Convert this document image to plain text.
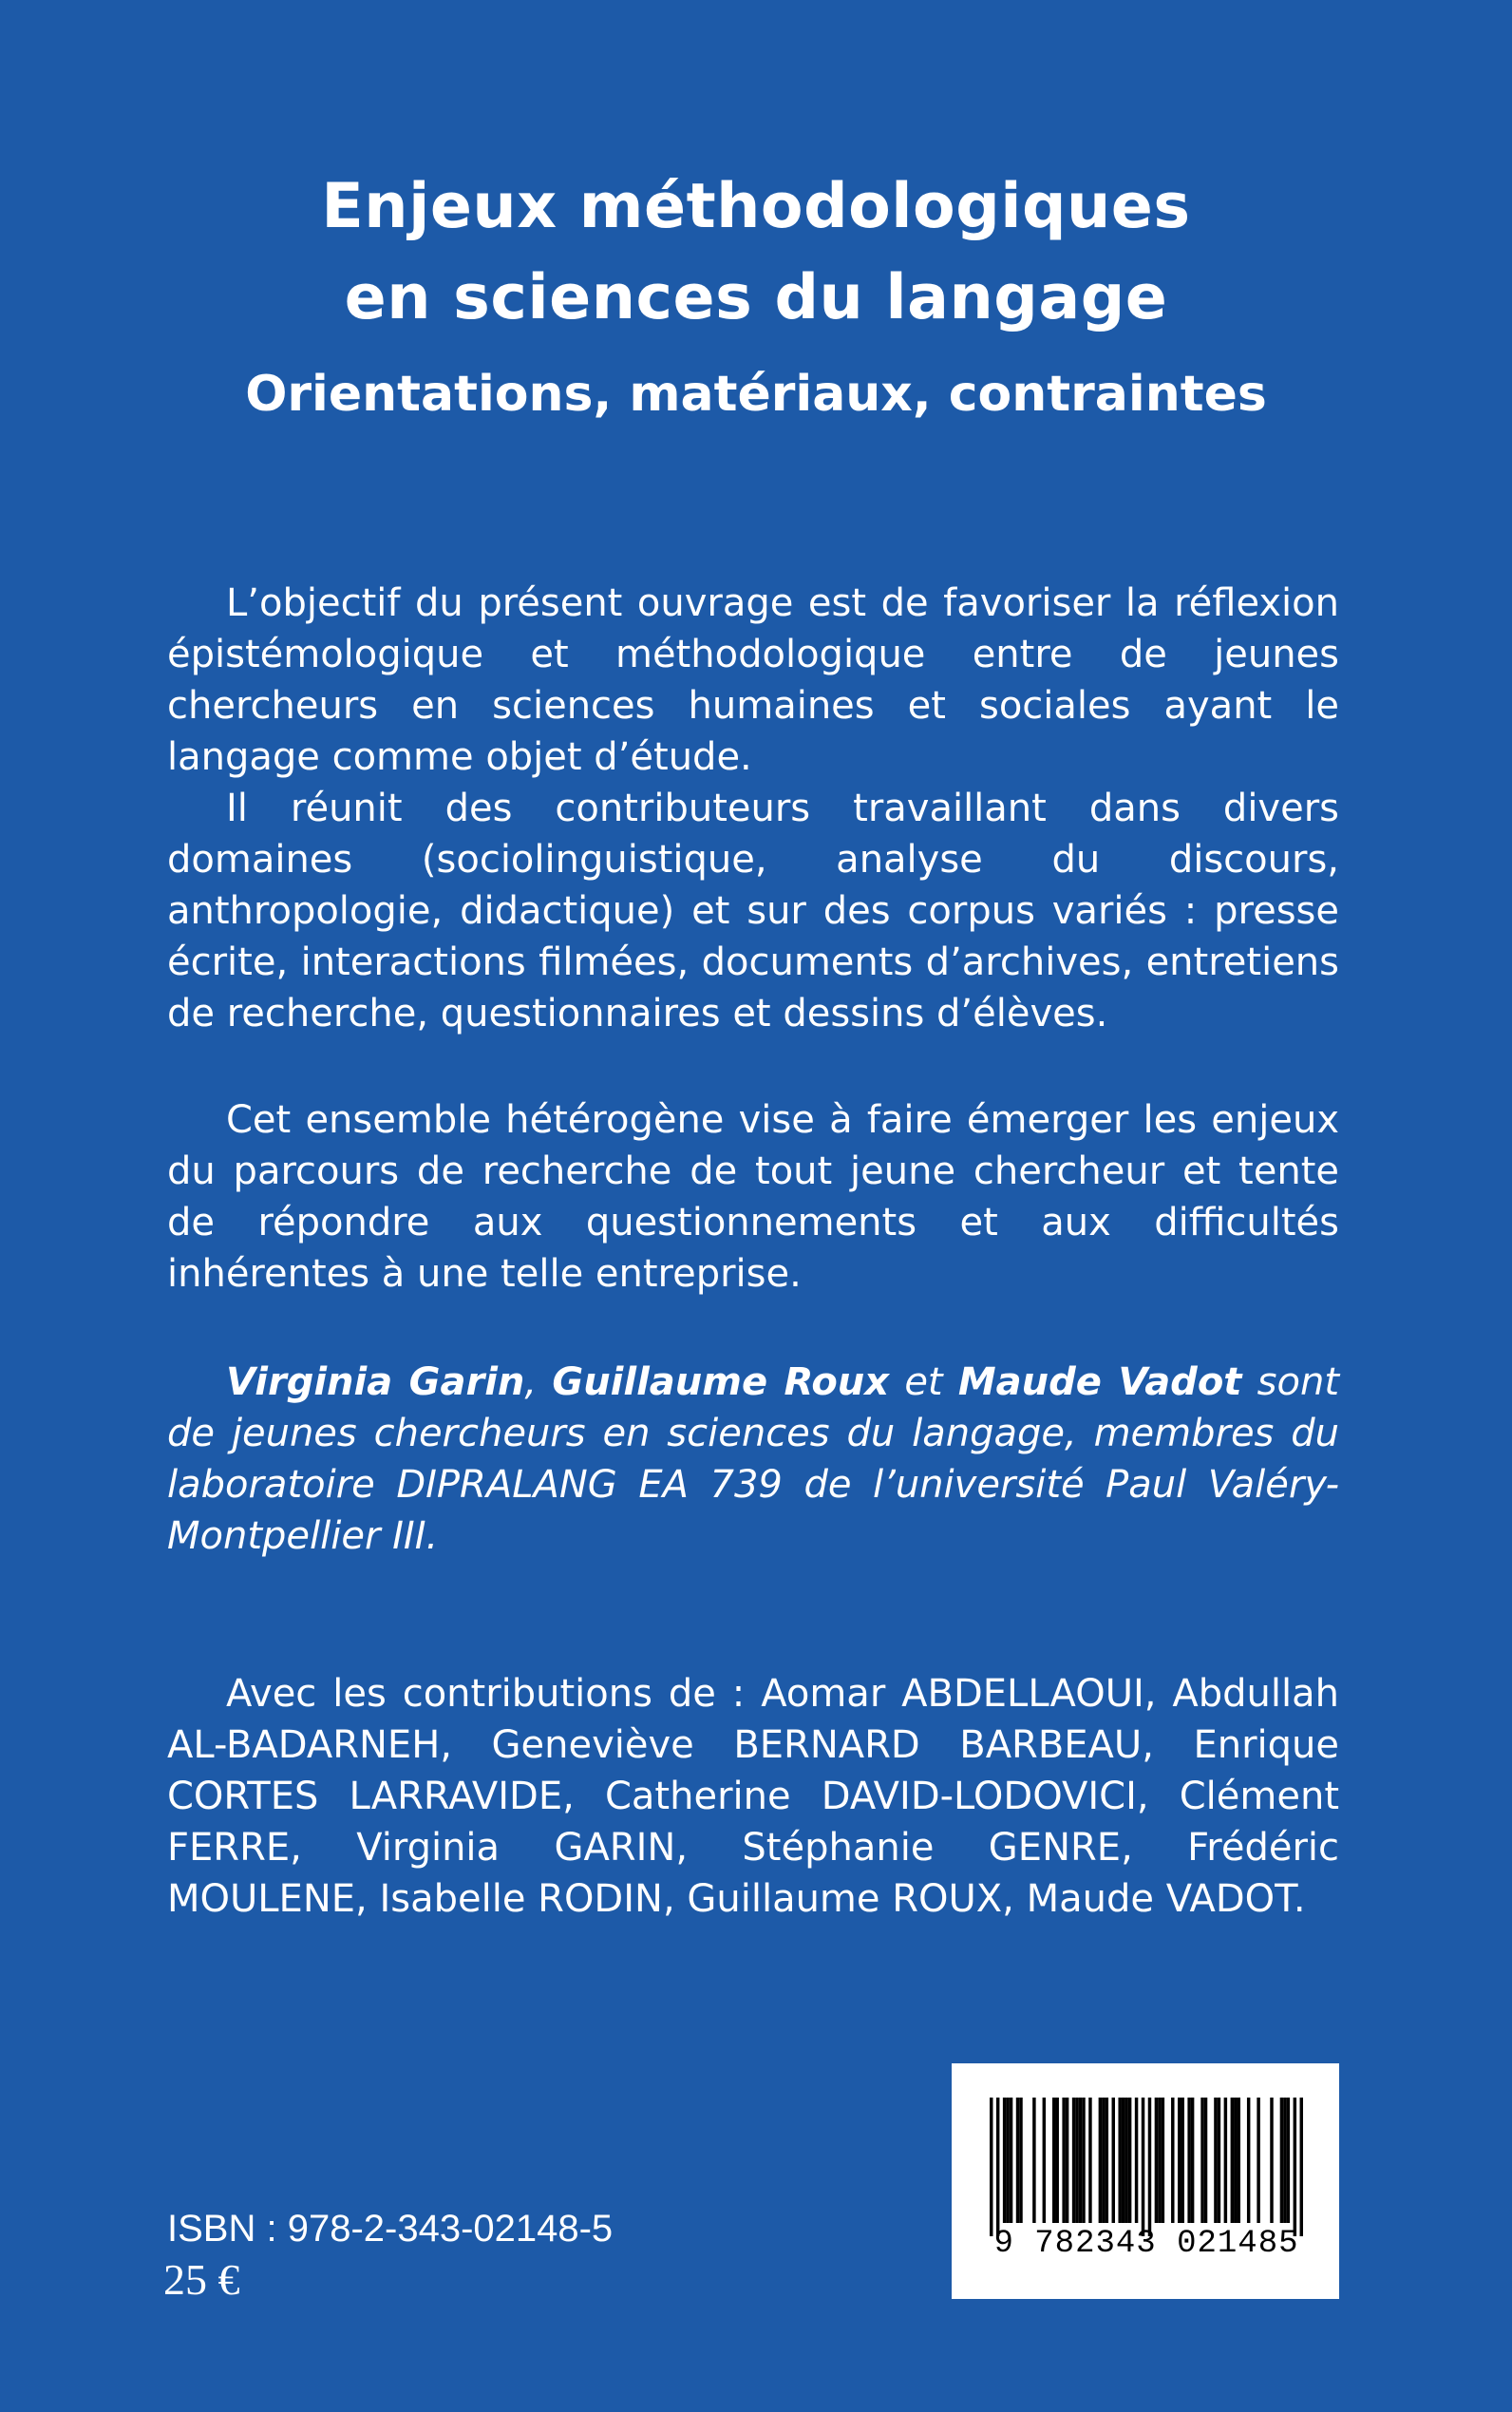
Enjeux méthodologiques
en sciences du langage
Orientations, matériaux, contraintes

L’objectif du présent ouvrage est de favoriser la réflexion épistémologique et méthodologique entre de jeunes chercheurs en sciences humaines et sociales ayant le langage comme objet d’étude.

Il réunit des contributeurs travaillant dans divers domaines (sociolinguistique, analyse du discours, anthropologie, didactique) et sur des corpus variés : presse écrite, interactions filmées, documents d’archives, entretiens de recherche, questionnaires et dessins d’élèves.

Cet ensemble hétérogène vise à faire émerger les enjeux du parcours de recherche de tout jeune chercheur et tente de répondre aux questionnements et aux difficultés inhérentes à une telle entreprise.

Virginia Garin, Guillaume Roux et Maude Vadot sont de jeunes chercheurs en sciences du langage, membres du laboratoire DIPRALANG EA 739 de l’université Paul Valéry-Montpellier III.

Avec les contributions de : Aomar ABDELLAOUI, Abdullah AL-BADARNEH, Geneviève BERNARD BARBEAU, Enrique CORTES LARRAVIDE, Catherine DAVID-LODOVICI, Clément FERRE, Virginia GARIN, Stéphanie GENRE, Frédéric MOULENE, Isabelle RODIN, Guillaume ROUX, Maude VADOT.

ISBN : 978-2-343-02148-5
25 €
9 782343 021485
